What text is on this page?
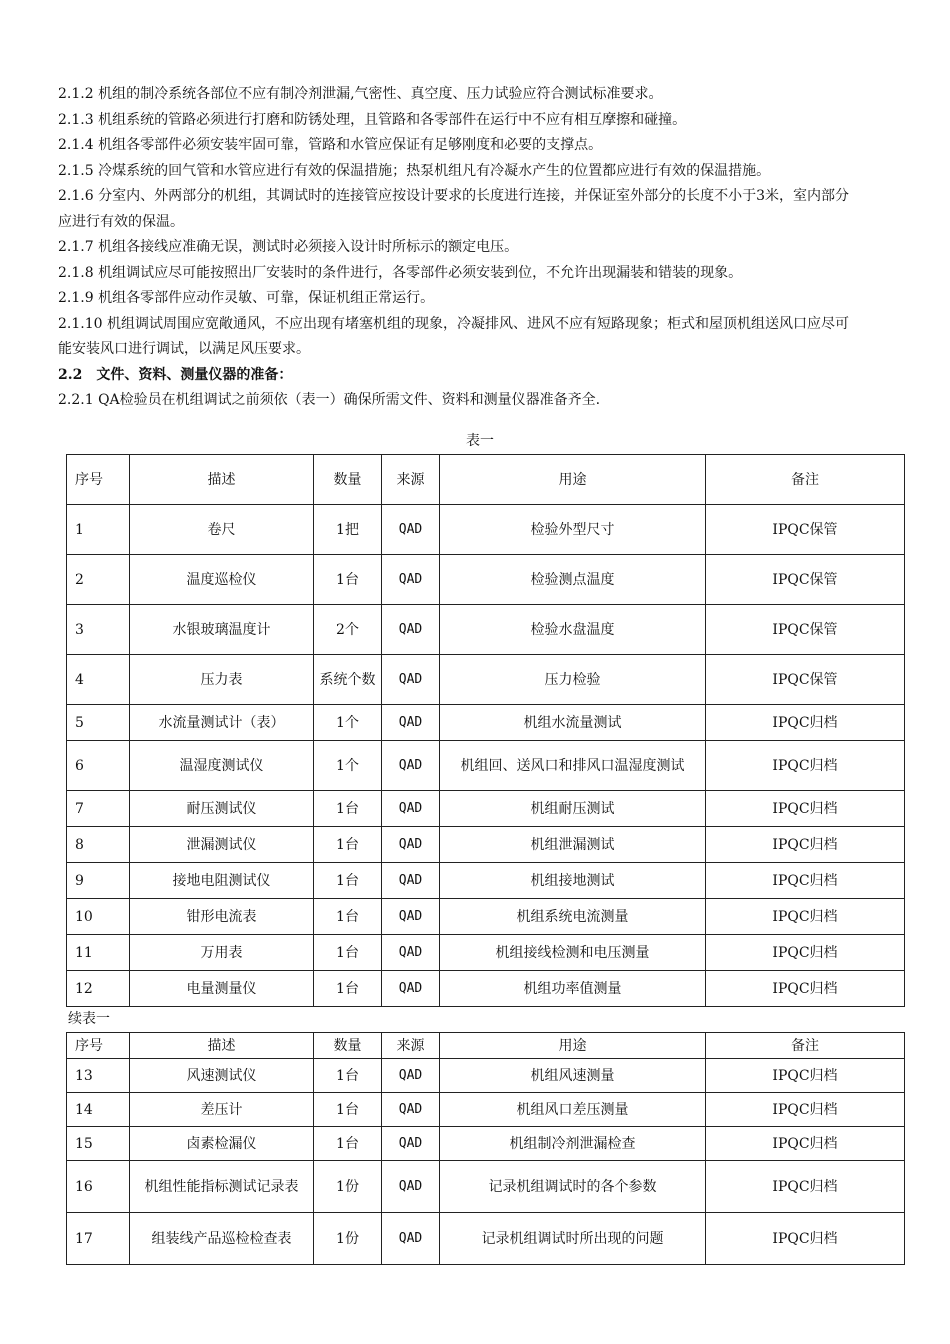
2.1.2 机组的制冷系统各部位不应有制冷剂泄漏,气密性、真空度、压力试验应符合测试标准要求。
2.1.3 机组系统的管路必须进行打磨和防锈处理，且管路和各零部件在运行中不应有相互摩擦和碰撞。
2.1.4 机组各零部件必须安装牢固可靠，管路和水管应保证有足够刚度和必要的支撑点。
2.1.5 冷煤系统的回气管和水管应进行有效的保温措施；热泵机组凡有冷凝水产生的位置都应进行有效的保温措施。
2.1.6 分室内、外两部分的机组，其调试时的连接管应按设计要求的长度进行连接，并保证室外部分的长度不小于3米，室内部分应进行有效的保温。
2.1.7 机组各接线应准确无误，测试时必须接入设计时所标示的额定电压。
2.1.8 机组调试应尽可能按照出厂安装时的条件进行，各零部件必须安装到位，不允许出现漏装和错装的现象。
2.1.9 机组各零部件应动作灵敏、可靠，保证机组正常运行。
2.1.10 机组调试周围应宽敞通风，不应出现有堵塞机组的现象，冷凝排风、进风不应有短路现象；柜式和屋顶机组送风口应尽可能安装风口进行调试，以满足风压要求。
2.2　文件、资料、测量仪器的准备：
2.2.1 QA检验员在机组调试之前须依（表一）确保所需文件、资料和测量仪器准备齐全.
表一
序号	描述	数量	来源	用途	备注
1	卷尺	1把	QAD	检验外型尺寸	IPQC保管
2	温度巡检仪	1台	QAD	检验测点温度	IPQC保管
3	水银玻璃温度计	2个	QAD	检验水盘温度	IPQC保管
4	压力表	系统个数	QAD	压力检验	IPQC保管
5	水流量测试计（表）	1个	QAD	机组水流量测试	IPQC归档
6	温湿度测试仪	1个	QAD	机组回、送风口和排风口温湿度测试	IPQC归档
7	耐压测试仪	1台	QAD	机组耐压测试	IPQC归档
8	泄漏测试仪	1台	QAD	机组泄漏测试	IPQC归档
9	接地电阻测试仪	1台	QAD	机组接地测试	IPQC归档
10	钳形电流表	1台	QAD	机组系统电流测量	IPQC归档
11	万用表	1台	QAD	机组接线检测和电压测量	IPQC归档
12	电量测量仪	1台	QAD	机组功率值测量	IPQC归档
续表一
序号	描述	数量	来源	用途	备注
13	风速测试仪	1台	QAD	机组风速测量	IPQC归档
14	差压计	1台	QAD	机组风口差压测量	IPQC归档
15	卤素检漏仪	1台	QAD	机组制冷剂泄漏检查	IPQC归档
16	机组性能指标测试记录表	1份	QAD	记录机组调试时的各个参数	IPQC归档
17	组装线产品巡检检查表	1份	QAD	记录机组调试时所出现的问题	IPQC归档
